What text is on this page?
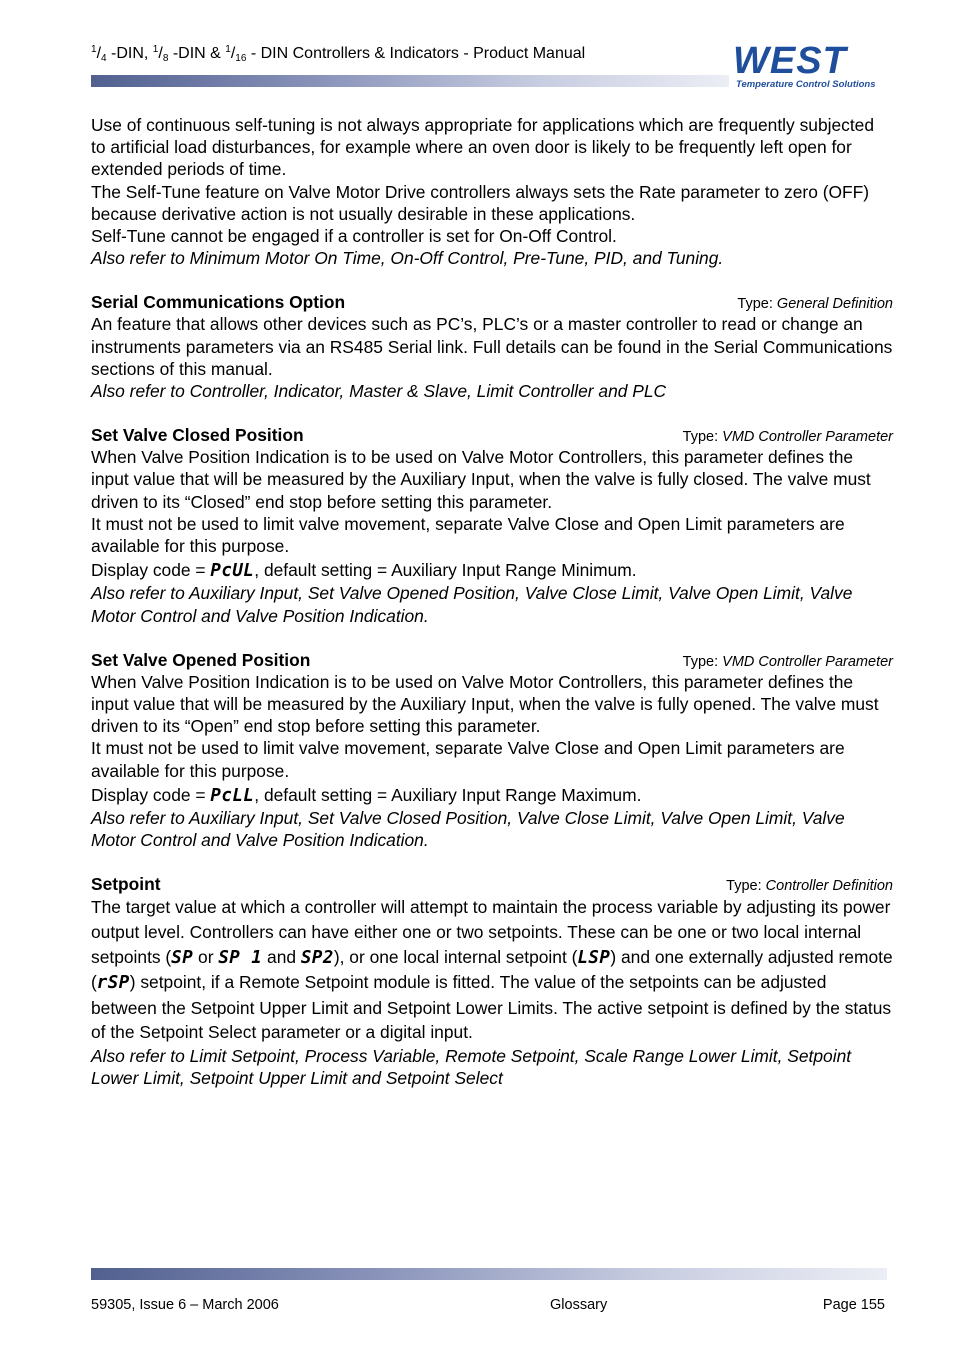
$^1/_4$ -DIN, $^1/_8$ -DIN & $^1/_{16}$ - DIN Controllers & Indicators - Product Manual	WEST
Temperature Control Solutions

Use of continuous self-tuning is not always appropriate for applications which are frequently subjected to artificial load disturbances, for example where an oven door is likely to be frequently left open for extended periods of time.

The Self-Tune feature on Valve Motor Drive controllers always sets the Rate parameter to zero (OFF) because derivative action is not usually desirable in these applications.

Self-Tune cannot be engaged if a controller is set for On-Off Control.

Also refer to Minimum Motor On Time, On-Off Control, Pre-Tune, PID, and Tuning.

Serial Communications Option	Type: General Definition

An feature that allows other devices such as PC’s, PLC’s or a master controller to read or change an instruments parameters via an RS485 Serial link. Full details can be found in the Serial Communications sections of this manual.

Also refer to Controller, Indicator, Master & Slave, Limit Controller and PLC

Set Valve Closed Position	Type: VMD Controller Parameter

When Valve Position Indication is to be used on Valve Motor Controllers, this parameter defines the input value that will be measured by the Auxiliary Input, when the valve is fully closed. The valve must driven to its “Closed” end stop before setting this parameter.

It must not be used to limit valve movement, separate Valve Close and Open Limit parameters are available for this purpose.

Display code = PcUL, default setting = Auxiliary Input Range Minimum.

Also refer to Auxiliary Input, Set Valve Opened Position, Valve Close Limit, Valve Open Limit, Valve Motor Control and Valve Position Indication.

Set Valve Opened Position	Type: VMD Controller Parameter

When Valve Position Indication is to be used on Valve Motor Controllers, this parameter defines the input value that will be measured by the Auxiliary Input, when the valve is fully opened. The valve must driven to its “Open” end stop before setting this parameter.

It must not be used to limit valve movement, separate Valve Close and Open Limit parameters are available for this purpose.

Display code = PcLL, default setting = Auxiliary Input Range Maximum.

Also refer to Auxiliary Input, Set Valve Closed Position, Valve Close Limit, Valve Open Limit, Valve Motor Control and Valve Position Indication.

Setpoint	Type: Controller Definition

The target value at which a controller will attempt to maintain the process variable by adjusting its power output level. Controllers can have either one or two setpoints. These can be one or two local internal setpoints (SP or SP 1 and SP2), or one local internal setpoint (LSP) and one externally adjusted remote (rSP) setpoint, if a Remote Setpoint module is fitted. The value of the setpoints can be adjusted between the Setpoint Upper Limit and Setpoint Lower Limits. The active setpoint is defined by the status of the Setpoint Select parameter or a digital input.

Also refer to Limit Setpoint, Process Variable, Remote Setpoint, Scale Range Lower Limit, Setpoint Lower Limit, Setpoint Upper Limit and Setpoint Select

59305, Issue 6 – March 2006	Glossary	Page 155
